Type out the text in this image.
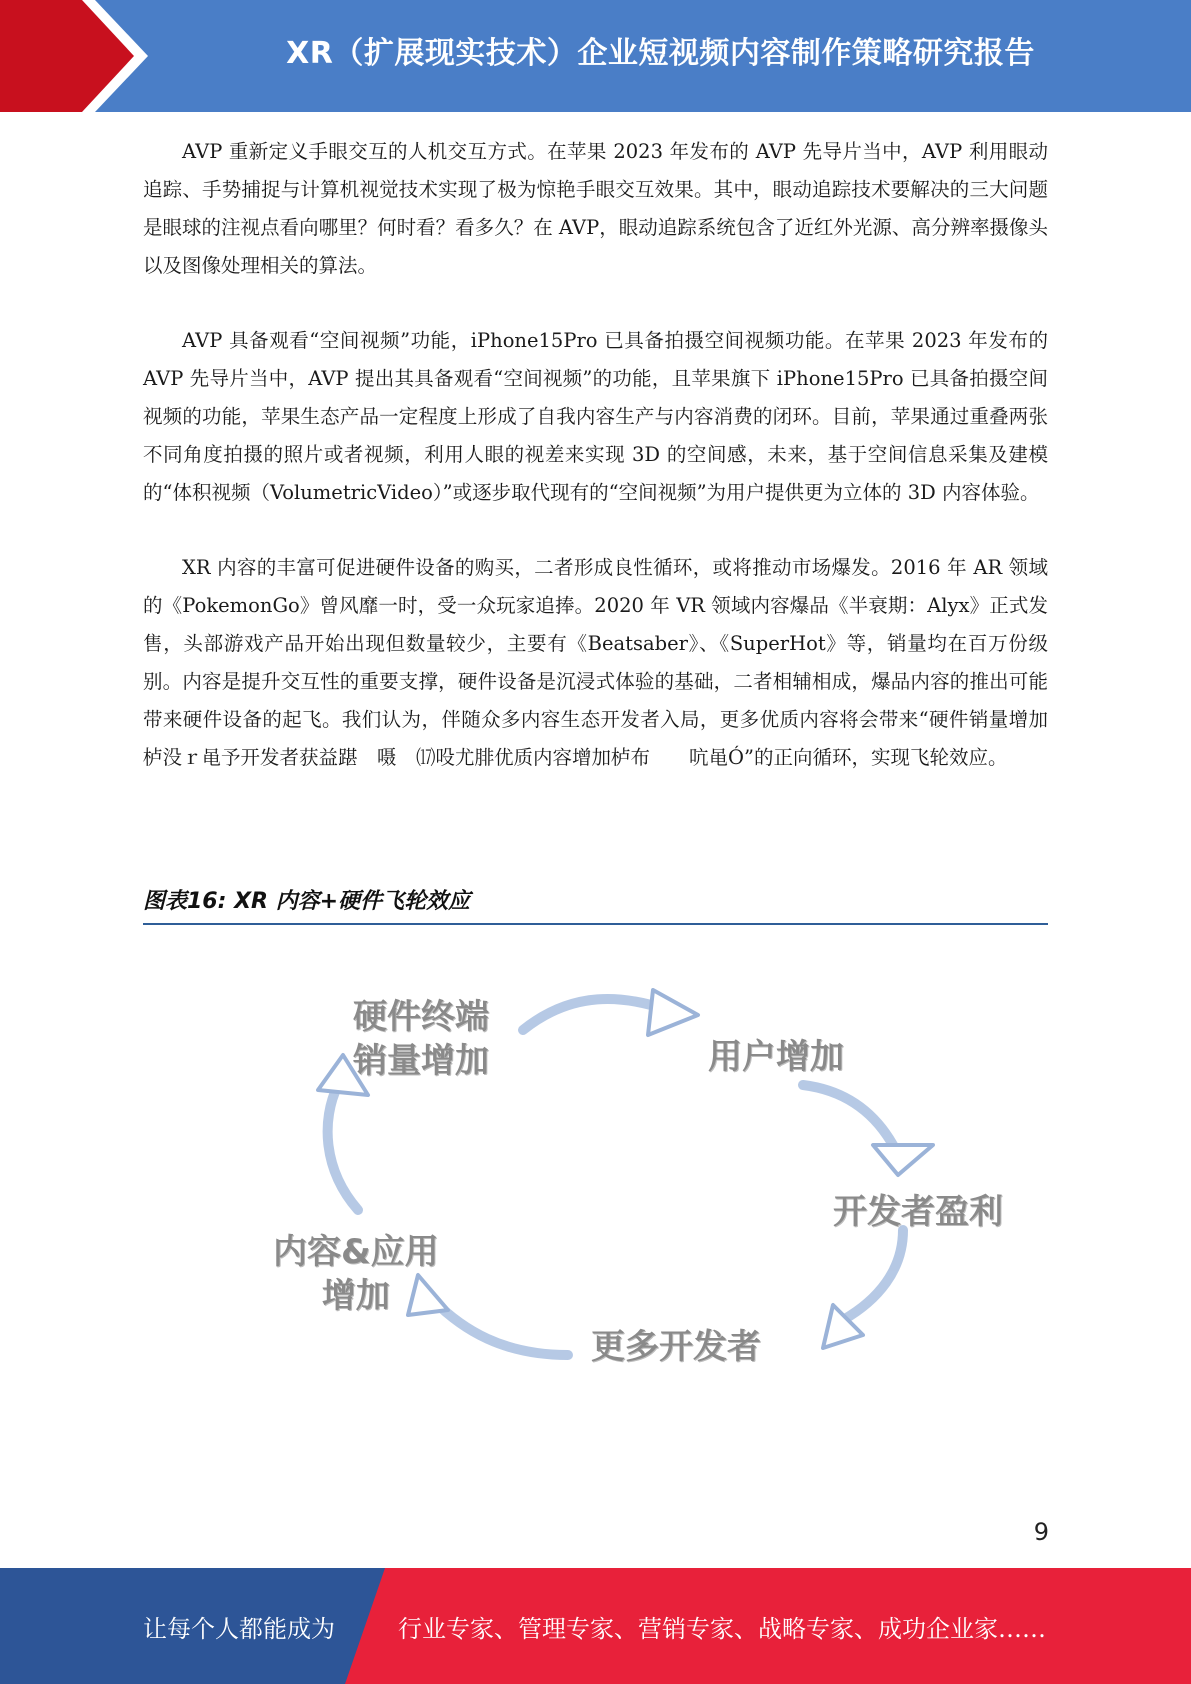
XR（扩展现实技术）企业短视频内容制作策略研究报告

AVP 重新定义手眼交互的人机交互方式。在苹果 2023 年发布的 AVP 先导片当中，AVP 利用眼动追踪、手势捕捉与计算机视觉技术实现了极为惊艳手眼交互效果。其中，眼动追踪技术要解决的三大问题是眼球的注视点看向哪里？何时看？看多久？在 AVP，眼动追踪系统包含了近红外光源、高分辨率摄像头以及图像处理相关的算法。

AVP 具备观看“空间视频”功能，iPhone15Pro 已具备拍摄空间视频功能。在苹果 2023 年发布的 AVP 先导片当中，AVP 提出其具备观看“空间视频”的功能，且苹果旗下 iPhone15Pro 已具备拍摄空间视频的功能，苹果生态产品一定程度上形成了自我内容生产与内容消费的闭环。目前，苹果通过重叠两张不同角度拍摄的照片或者视频，利用人眼的视差来实现 3D 的空间感，未来，基于空间信息采集及建模的“体积视频（VolumetricVideo）”或逐步取代现有的“空间视频”为用户提供更为立体的 3D 内容体验。

XR 内容的丰富可促进硬件设备的购买，二者形成良性循环，或将推动市场爆发。2016 年 AR 领域的《PokemonGo》曾风靡一时，受一众玩家追捧。2020 年 VR 领域内容爆品《半衰期：Alyx》正式发售，头部游戏产品开始出现但数量较少，主要有《Beatsaber》、《SuperHot》等，销量均在百万份级别。内容是提升交互性的重要支撑，硬件设备是沉浸式体验的基础，二者相辅相成，爆品内容的推出可能带来硬件设备的起飞。我们认为，伴随众多内容生态开发者入局，更多优质内容将会带来“硬件销量增加栌没ｒ黾予开发者获益踸　嗫　⒄吺尤腓优质内容增加栌布　　吭黾Ó”的正向循环，实现飞轮效应。

图表16: XR 内容+硬件飞轮效应
硬件终端
销量增加	用户增加
开发者盈利
更多开发者
内容&应用
增加
9
让每个人都能成为	行业专家、管理专家、营销专家、战略专家、成功企业家……
